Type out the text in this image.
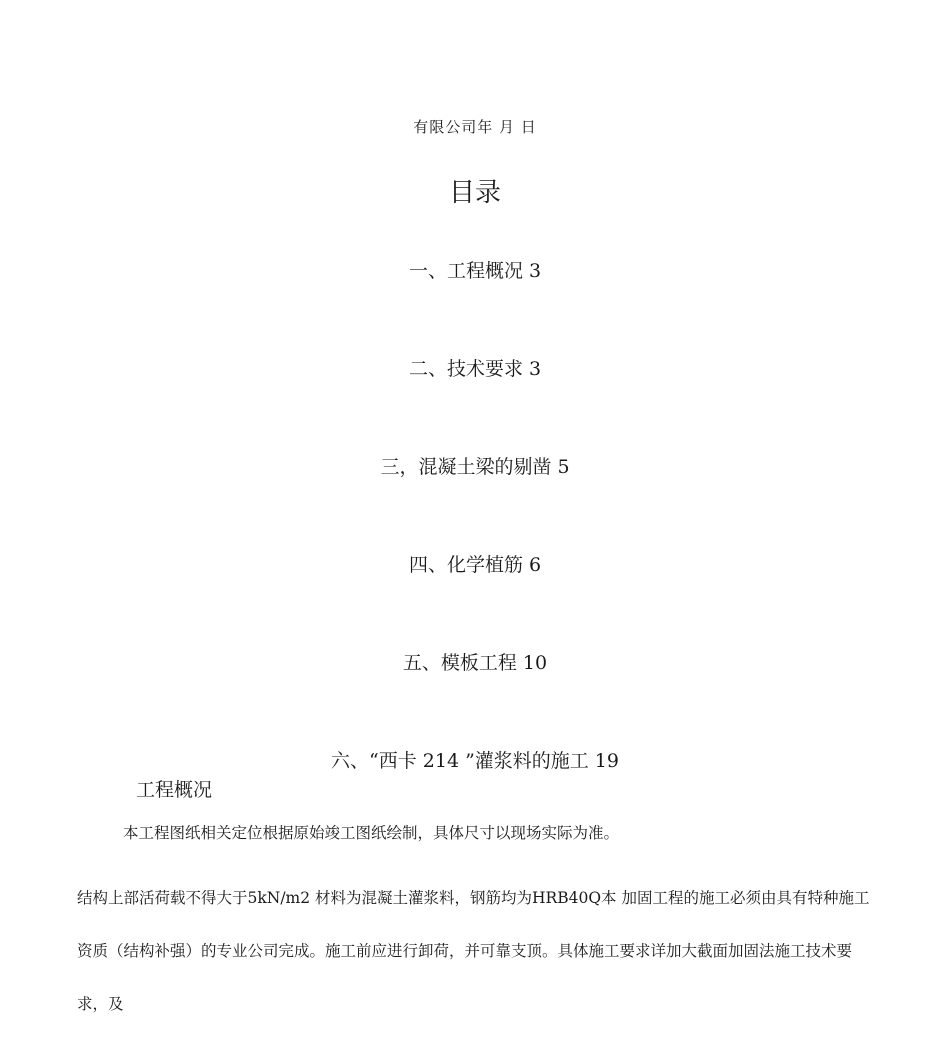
有限公司年 月 日
目录
一、工程概况 3
二、技术要求 3
三，混凝土梁的剔凿 5
四、化学植筋 6
五、模板工程 10
六、“西卡 214 ”灌浆料的施工 19
工程概况

本工程图纸相关定位根据原始竣工图纸绘制，具体尺寸以现场实际为准。

结构上部活荷载不得大于5kN/m2 材料为混凝土灌浆料，钢筋均为HRB40Q本 加固工程的施工必须由具有特种施工资质（结构补强）的专业公司完成。施工前应进行卸荷，并可靠支顶。具体施工要求详加大截面加固法施工技术要求，及
